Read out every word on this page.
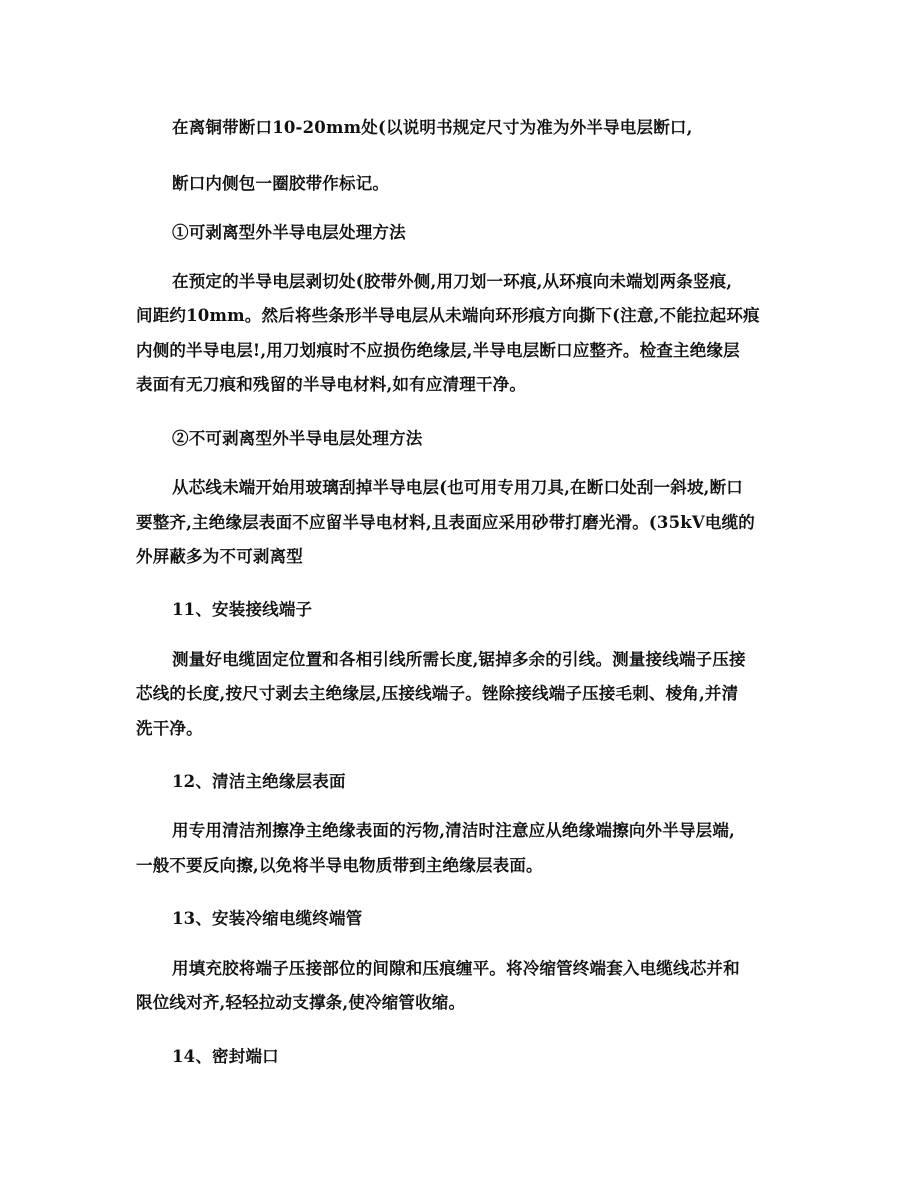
在离铜带断口10-20mm处(以说明书规定尺寸为准为外半导电层断口,
断口内侧包一圈胶带作标记。
①可剥离型外半导电层处理方法
在预定的半导电层剥切处(胶带外侧,用刀划一环痕,从环痕向未端划两条竖痕,
间距约10mm。然后将些条形半导电层从未端向环形痕方向撕下(注意,不能拉起环痕
内侧的半导电层!,用刀划痕时不应损伤绝缘层,半导电层断口应整齐。检查主绝缘层
表面有无刀痕和残留的半导电材料,如有应清理干净。
②不可剥离型外半导电层处理方法
从芯线未端开始用玻璃刮掉半导电层(也可用专用刀具,在断口处刮一斜坡,断口
要整齐,主绝缘层表面不应留半导电材料,且表面应采用砂带打磨光滑。(35kV电缆的
外屏蔽多为不可剥离型
11、安装接线端子
测量好电缆固定位置和各相引线所需长度,锯掉多余的引线。测量接线端子压接
芯线的长度,按尺寸剥去主绝缘层,压接线端子。锉除接线端子压接毛刺、棱角,并清
洗干净。
12、清洁主绝缘层表面
用专用清洁剂擦净主绝缘表面的污物,清洁时注意应从绝缘端擦向外半导层端,
一般不要反向擦,以免将半导电物质带到主绝缘层表面。
13、安装冷缩电缆终端管
用填充胶将端子压接部位的间隙和压痕缠平。将冷缩管终端套入电缆线芯并和
限位线对齐,轻轻拉动支撑条,使冷缩管收缩。
14、密封端口
